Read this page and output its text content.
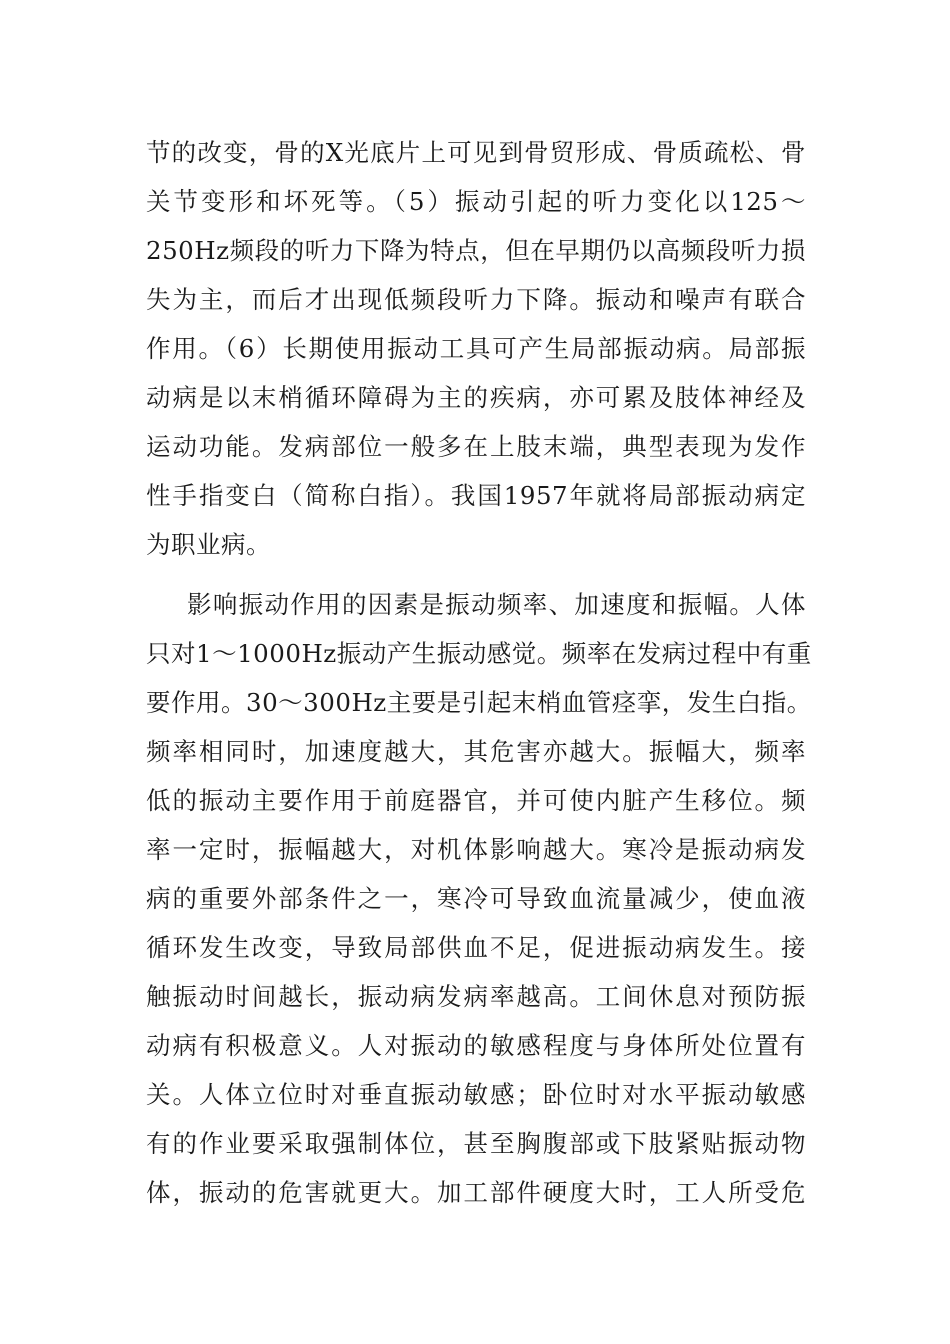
节的改变，骨的X光底片上可见到骨贸形成、骨质疏松、骨
关节变形和坏死等。（5）振动引起的听力变化以125～
250Hz频段的听力下降为特点，但在早期仍以高频段听力损
失为主，而后才出现低频段听力下降。振动和噪声有联合
作用。（6）长期使用振动工具可产生局部振动病。局部振
动病是以末梢循环障碍为主的疾病，亦可累及肢体神经及
运动功能。发病部位一般多在上肢末端，典型表现为发作
性手指变白（简称白指）。我国1957年就将局部振动病定
为职业病。
影响振动作用的因素是振动频率、加速度和振幅。人体
只对1～1000Hz振动产生振动感觉。频率在发病过程中有重
要作用。30～300Hz主要是引起末梢血管痉挛，发生白指。
频率相同时，加速度越大，其危害亦越大。振幅大，频率
低的振动主要作用于前庭器官，并可使内脏产生移位。频
率一定时，振幅越大，对机体影响越大。寒冷是振动病发
病的重要外部条件之一，寒冷可导致血流量减少，使血液
循环发生改变，导致局部供血不足，促进振动病发生。接
触振动时间越长，振动病发病率越高。工间休息对预防振
动病有积极意义。人对振动的敏感程度与身体所处位置有
关。人体立位时对垂直振动敏感；卧位时对水平振动敏感
有的作业要采取强制体位，甚至胸腹部或下肢紧贴振动物
体，振动的危害就更大。加工部件硬度大时，工人所受危
